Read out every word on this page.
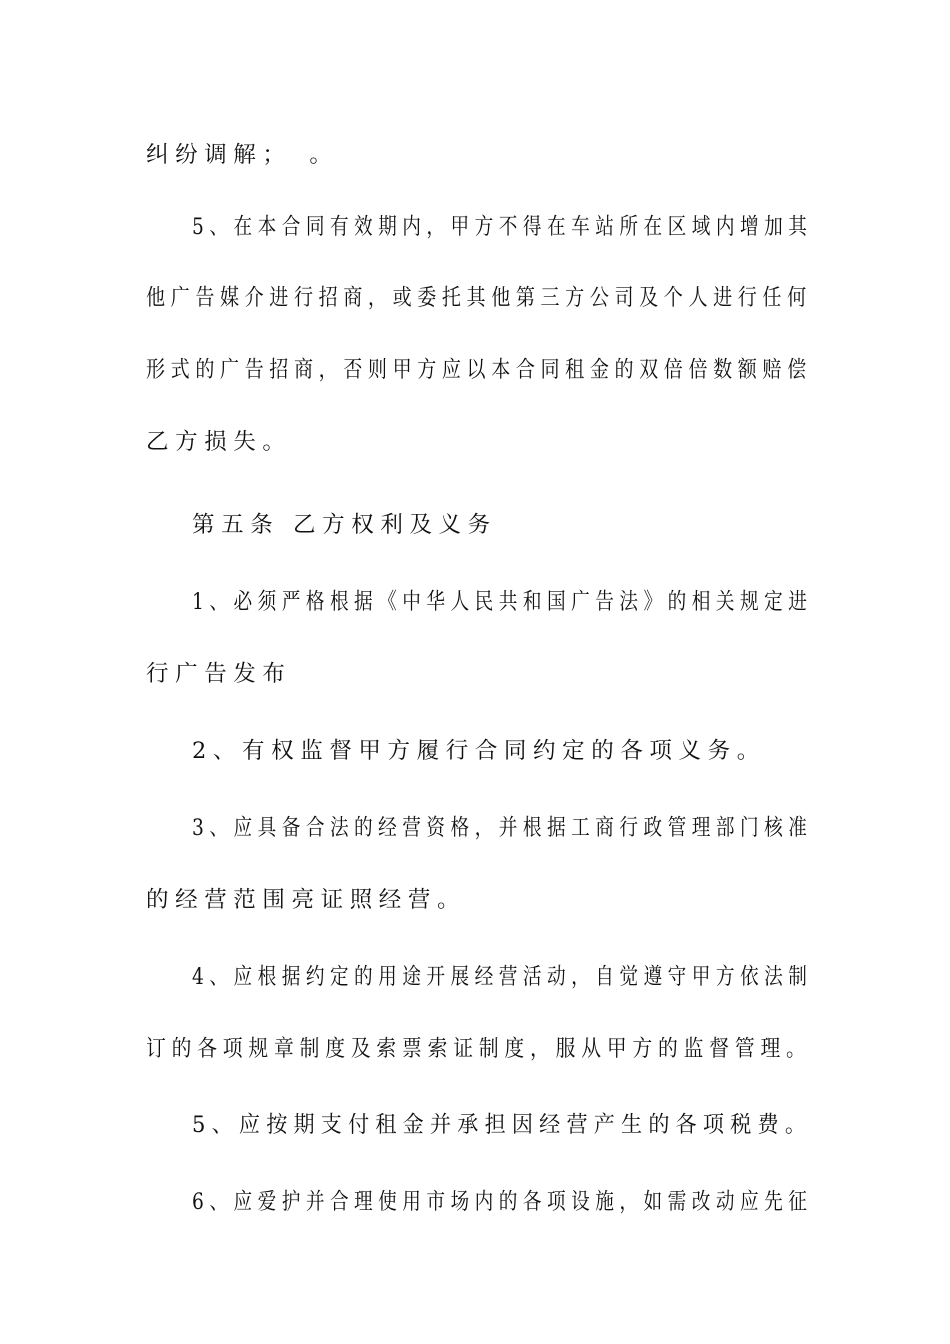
纠纷调解；　。
5、在本合同有效期内，甲方不得在车站所在区域内增加其
他广告媒介进行招商，或委托其他第三方公司及个人进行任何
形式的广告招商，否则甲方应以本合同租金的双倍倍数额赔偿
乙方损失。
第五条 乙方权利及义务
1、必须严格根据《中华人民共和国广告法》的相关规定进
行广告发布
2、有权监督甲方履行合同约定的各项义务。
3、应具备合法的经营资格，并根据工商行政管理部门核准
的经营范围亮证照经营。
4、应根据约定的用途开展经营活动，自觉遵守甲方依法制
订的各项规章制度及索票索证制度，服从甲方的监督管理。
5、应按期支付租金并承担因经营产生的各项税费。
6、应爱护并合理使用市场内的各项设施，如需改动应先征
